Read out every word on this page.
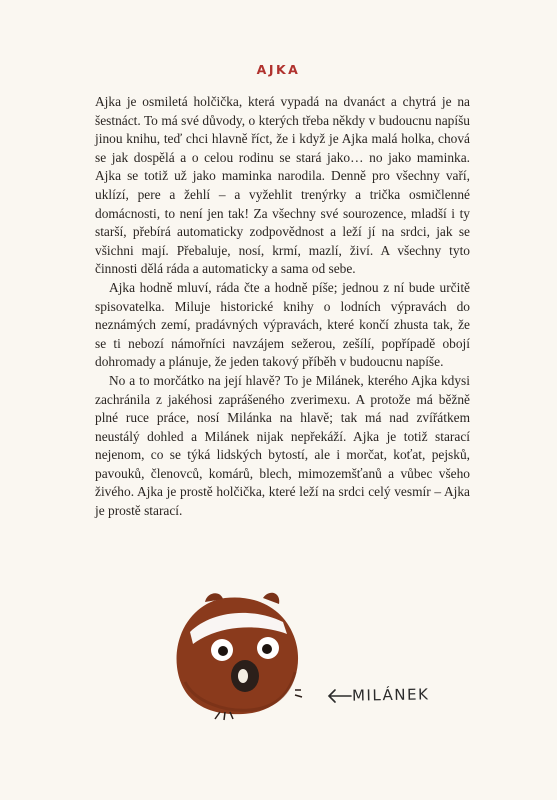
AJKA

Ajka je osmiletá holčička, která vypadá na dvanáct a chytrá je na šestnáct. To má své důvody, o kterých třeba někdy v budoucnu napíšu jinou knihu, teď chci hlavně říct, že i když je Ajka malá holka, chová se jak dospělá a o celou rodinu se stará jako… no jako maminka. Ajka se totiž už jako maminka narodila. Denně pro všechny vaří, uklízí, pere a žehlí – a vyžehlit trenýrky a trička osmičlenné domácnosti, to není jen tak! Za všechny své sourozence, mladší i ty starší, přebírá automaticky zodpovědnost a leží jí na srdci, jak se všichni mají. Přebaluje, nosí, krmí, mazlí, živí. A všechny tyto činnosti dělá ráda a automaticky a sama od sebe.

Ajka hodně mluví, ráda čte a hodně píše; jednou z ní bude určitě spisovatelka. Miluje historické knihy o lodních výpravách do neznámých zemí, pradávných výpravách, které končí zhusta tak, že se ti nebozí námořníci navzájem sežerou, zešílí, popřípadě obojí dohromady a plánuje, že jeden takový příběh v budoucnu napíše.

No a to morčátko na její hlavě? To je Milánek, kterého Ajka kdysi zachránila z jakéhosi zaprášeného zverimexu. A protože má běžně plné ruce práce, nosí Milánka na hlavě; tak má nad zvířátkem neustálý dohled a Milánek nijak nepřekáží. Ajka je totiž starací nejenom, co se týká lidských bytostí, ale i morčat, koťat, pejsků, pavouků, členovců, komárů, blech, mimozemšťanů a vůbec všeho živého. Ajka je prostě holčička, které leží na srdci celý vesmír – Ajka je prostě starací.

MILÁNEK
